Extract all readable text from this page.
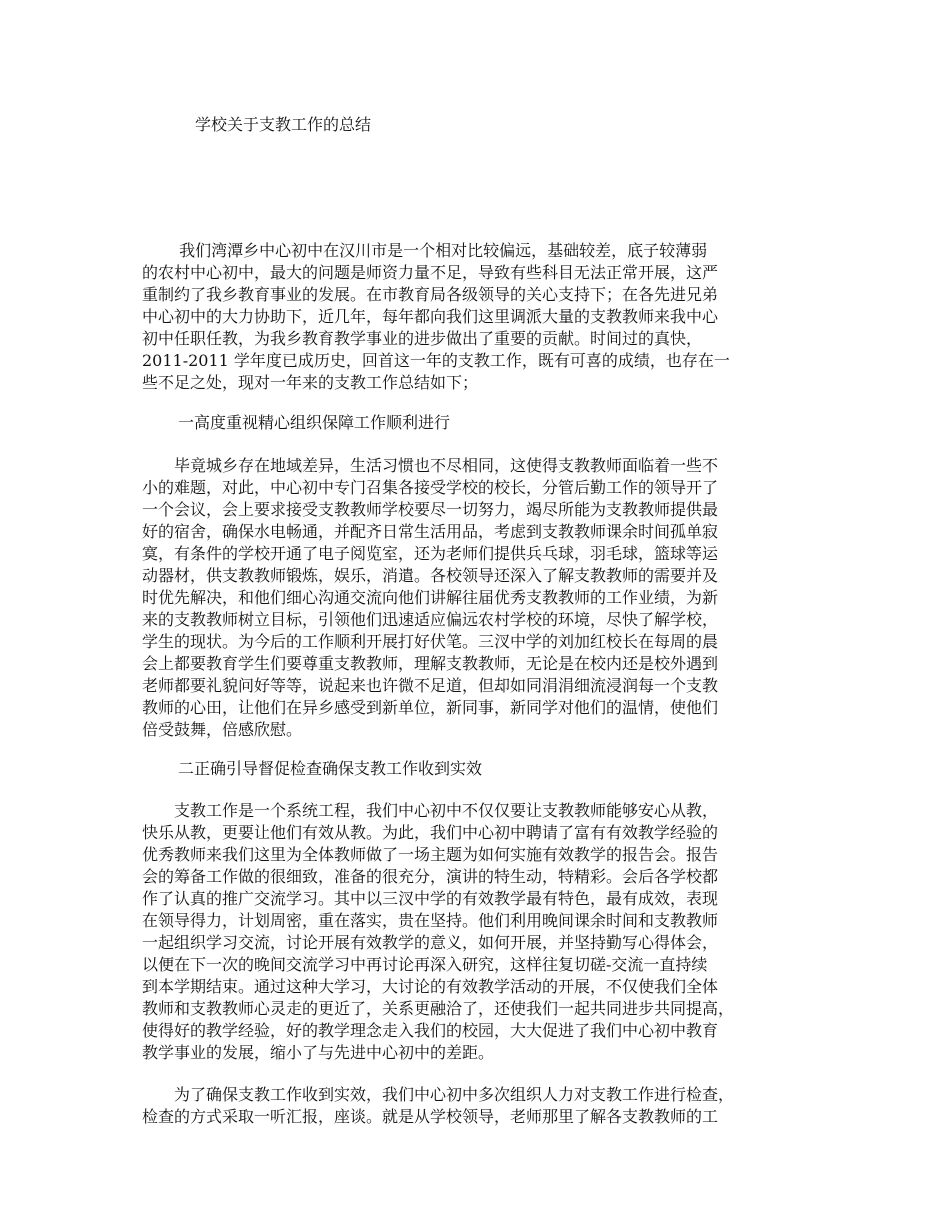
学校关于支教工作的总结
　　 我们湾潭乡中心初中在汉川市是一个相对比较偏远，基础较差，底子较薄弱
的农村中心初中，最大的问题是师资力量不足，导致有些科目无法正常开展，这严
重制约了我乡教育事业的发展。在市教育局各级领导的关心支持下；在各先进兄弟
中心初中的大力协助下，近几年，每年都向我们这里调派大量的支教教师来我中心
初中任职任教，为我乡教育教学事业的进步做出了重要的贡献。时间过的真快，
2011-2011 学年度已成历史，回首这一年的支教工作，既有可喜的成绩，也存在一
些不足之处，现对一年来的支教工作总结如下；
一高度重视精心组织保障工作顺利进行
　　毕竟城乡存在地域差异，生活习惯也不尽相同，这使得支教教师面临着一些不
小的难题，对此，中心初中专门召集各接受学校的校长，分管后勤工作的领导开了
一个会议，会上要求接受支教教师学校要尽一切努力，竭尽所能为支教教师提供最
好的宿舍，确保水电畅通，并配齐日常生活用品，考虑到支教教师课余时间孤单寂
寞，有条件的学校开通了电子阅览室，还为老师们提供兵乓球，羽毛球，篮球等运
动器材，供支教教师锻炼，娱乐，消遣。各校领导还深入了解支教教师的需要并及
时优先解决，和他们细心沟通交流向他们讲解往届优秀支教教师的工作业绩，为新
来的支教教师树立目标，引领他们迅速适应偏远农村学校的环境，尽快了解学校，
学生的现状。为今后的工作顺利开展打好伏笔。三汊中学的刘加红校长在每周的晨
会上都要教育学生们要尊重支教教师，理解支教教师，无论是在校内还是校外遇到
老师都要礼貌问好等等，说起来也许微不足道，但却如同涓涓细流浸润每一个支教
教师的心田，让他们在异乡感受到新单位，新同事，新同学对他们的温情，使他们
倍受鼓舞，倍感欣慰。
二正确引导督促检查确保支教工作收到实效
　　支教工作是一个系统工程，我们中心初中不仅仅要让支教教师能够安心从教，
快乐从教，更要让他们有效从教。为此，我们中心初中聘请了富有有效教学经验的
优秀教师来我们这里为全体教师做了一场主题为如何实施有效教学的报告会。报告
会的筹备工作做的很细致，准备的很充分，演讲的特生动，特精彩。会后各学校都
作了认真的推广交流学习。其中以三汊中学的有效教学最有特色，最有成效，表现
在领导得力，计划周密，重在落实，贵在坚持。他们利用晚间课余时间和支教教师
一起组织学习交流，讨论开展有效教学的意义，如何开展，并坚持勤写心得体会，
以便在下一次的晚间交流学习中再讨论再深入研究，这样往复切磋-交流一直持续
到本学期结束。通过这种大学习，大讨论的有效教学活动的开展，不仅使我们全体
教师和支教教师心灵走的更近了，关系更融洽了，还使我们一起共同进步共同提高，
使得好的教学经验，好的教学理念走入我们的校园，大大促进了我们中心初中教育
教学事业的发展，缩小了与先进中心初中的差距。
　　为了确保支教工作收到实效，我们中心初中多次组织人力对支教工作进行检查，
检查的方式采取一听汇报，座谈。就是从学校领导，老师那里了解各支教教师的工
